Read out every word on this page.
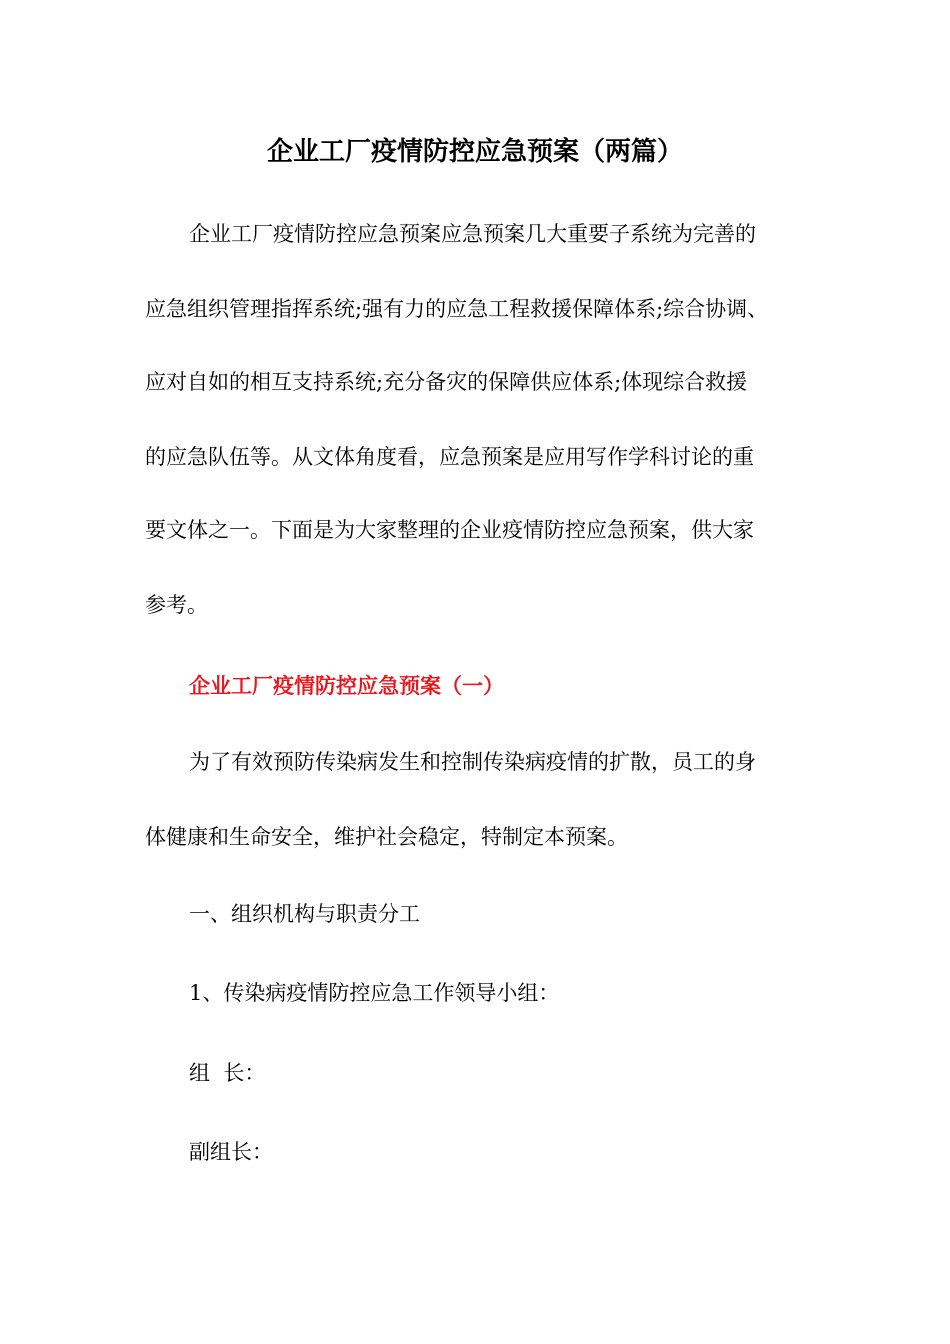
企业工厂疫情防控应急预案（两篇）
企业工厂疫情防控应急预案应急预案几大重要子系统为完善的
应急组织管理指挥系统;强有力的应急工程救援保障体系;综合协调、
应对自如的相互支持系统;充分备灾的保障供应体系;体现综合救援
的应急队伍等。从文体角度看，应急预案是应用写作学科讨论的重
要文体之一。下面是为大家整理的企业疫情防控应急预案，供大家
参考。
企业工厂疫情防控应急预案（一）
为了有效预防传染病发生和控制传染病疫情的扩散，员工的身
体健康和生命安全，维护社会稳定，特制定本预案。
一、组织机构与职责分工
1、传染病疫情防控应急工作领导小组：
组  长：
副组长：
